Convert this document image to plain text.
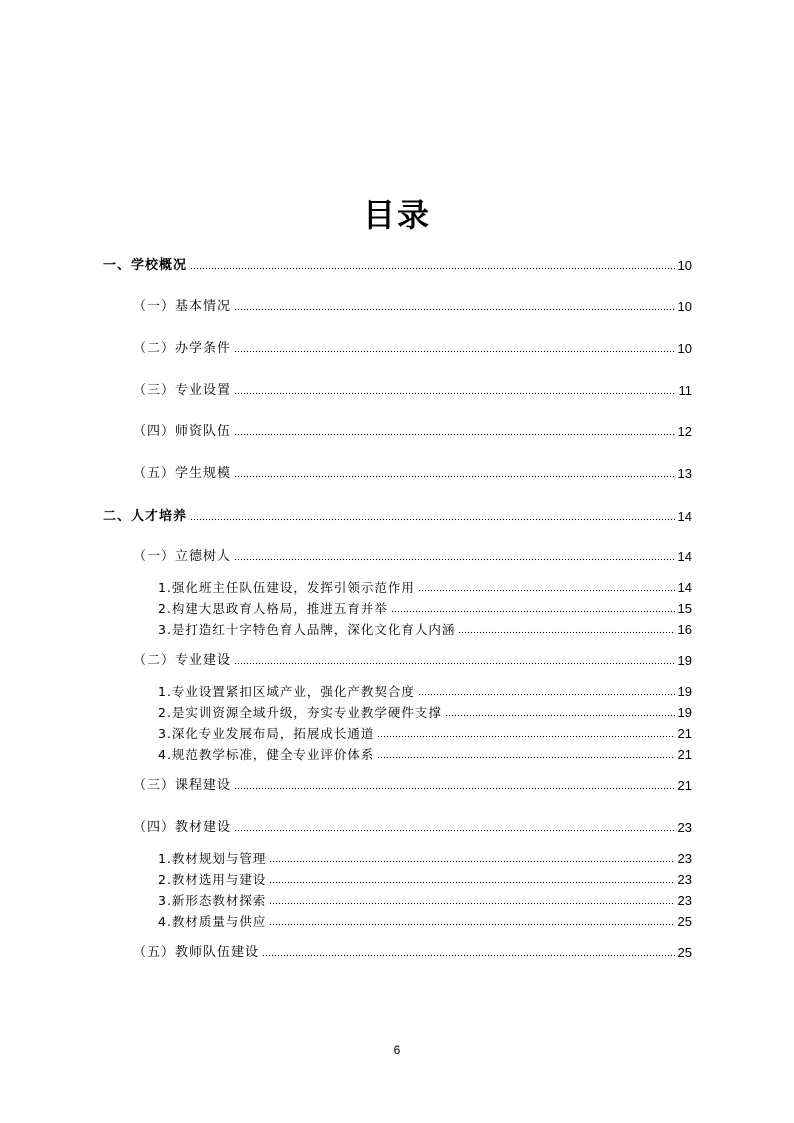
目录
一、学校概况	10
（一）基本情况	10
（二）办学条件	10
（三）专业设置	11
（四）师资队伍	12
（五）学生规模	13
二、人才培养	14
（一）立德树人	14
1.强化班主任队伍建设，发挥引领示范作用	14
2.构建大思政育人格局，推进五育并举	15
3.是打造红十字特色育人品牌，深化文化育人内涵	16
（二）专业建设	19
1.专业设置紧扣区域产业，强化产教契合度	19
2.是实训资源全域升级，夯实专业教学硬件支撑	19
3.深化专业发展布局，拓展成长通道	21
4.规范教学标准，健全专业评价体系	21
（三）课程建设	21
（四）教材建设	23
1.教材规划与管理	23
2.教材选用与建设	23
3.新形态教材探索	23
4.教材质量与供应	25
（五）教师队伍建设	25
6
